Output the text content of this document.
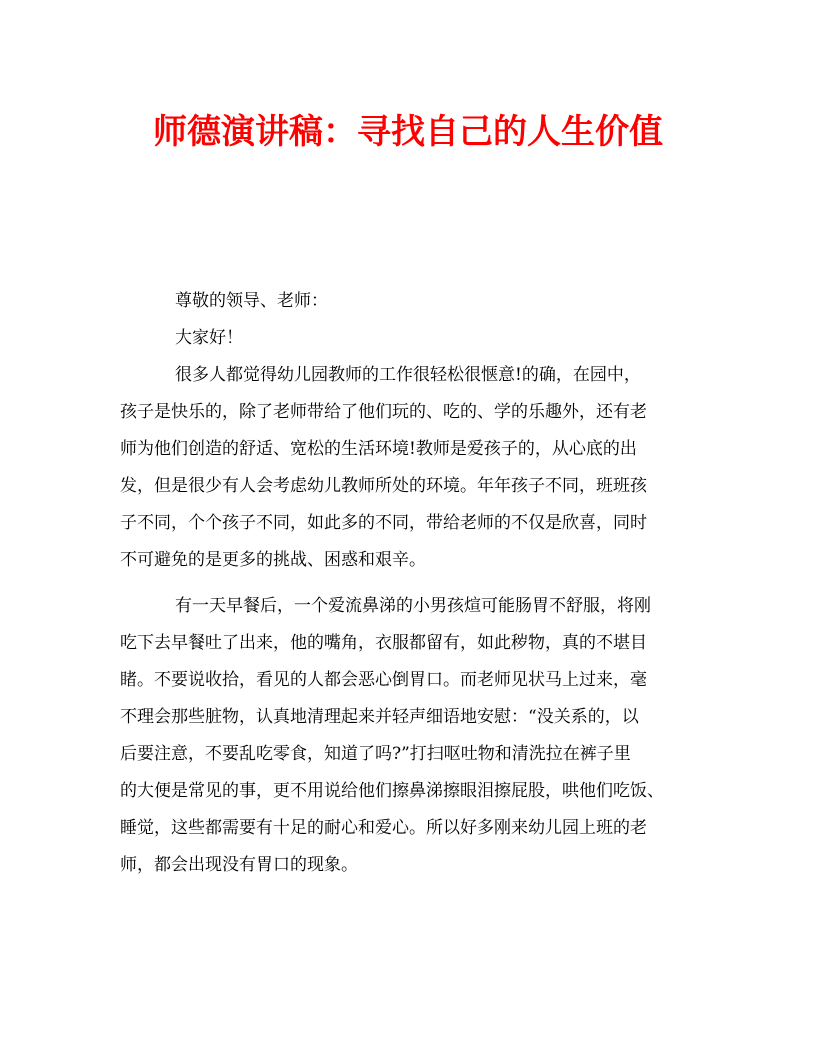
师德演讲稿：寻找自己的人生价值

尊敬的领导、老师：

大家好！

很多人都觉得幼儿园教师的工作很轻松很惬意!的确，在园中，

孩子是快乐的，除了老师带给了他们玩的、吃的、学的乐趣外，还有老

师为他们创造的舒适、宽松的生活环境!教师是爱孩子的，从心底的出

发，但是很少有人会考虑幼儿教师所处的环境。年年孩子不同，班班孩

子不同，个个孩子不同，如此多的不同，带给老师的不仅是欣喜，同时

不可避免的是更多的挑战、困惑和艰辛。

有一天早餐后，一个爱流鼻涕的小男孩煊可能肠胃不舒服，将刚

吃下去早餐吐了出来，他的嘴角，衣服都留有，如此秽物，真的不堪目

睹。不要说收拾，看见的人都会恶心倒胃口。而老师见状马上过来，毫

不理会那些脏物，认真地清理起来并轻声细语地安慰：“没关系的，以

后要注意，不要乱吃零食，知道了吗?”打扫呕吐物和清洗拉在裤子里

的大便是常见的事，更不用说给他们擦鼻涕擦眼泪擦屁股，哄他们吃饭、

睡觉，这些都需要有十足的耐心和爱心。所以好多刚来幼儿园上班的老

师，都会出现没有胃口的现象。
